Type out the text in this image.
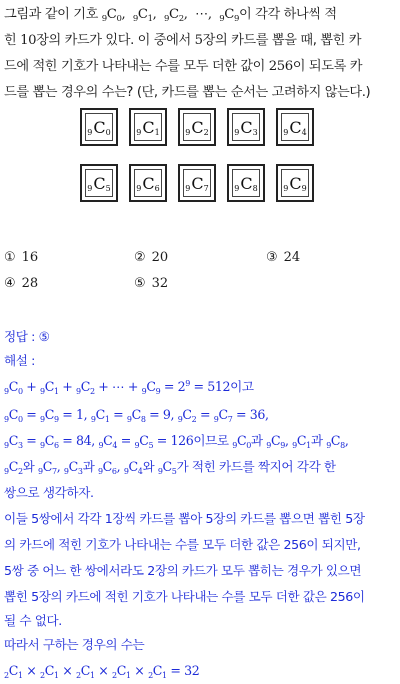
그림과 같이 기호 $_9C_0$,  $_9C_1$,  $_9C_2$,  ⋯,  $_9C_9$이 각각 하나씩 적
힌 10장의 카드가 있다. 이 중에서 5장의 카드를 뽑을 때, 뽑힌 카
드에 적힌 기호가 나타내는 수를 모두 더한 값이 256이 되도록 카
드를 뽑는 경우의 수는? (단, 카드를 뽑는 순서는 고려하지 않는다.)
9 C 0	9 C 1	9 C 2	9 C 3	9 C 4
9 C 5	9 C 6	9 C 7	9 C 8	9 C 9
① 16	② 20	③ 24
④ 28	⑤ 32
정답 : ⑤
해설 :
$_9C_0 + _9C_1 + _9C_2$ + ⋯ + $_9C_9 = 2^9 = 512$이고
$_9C_0 = _9C_9 = 1$, $_9C_1 = _9C_8 = 9$, $_9C_2 = _9C_7 = 36$,
$_9C_3 = _9C_6 = 84$, $_9C_4 = _9C_5 = 126$이므로 $_9C_0$과 $_9C_9$, $_9C_1$과 $_9C_8$,
$_9C_2$와 $_9C_7$, $_9C_3$과 $_9C_6$, $_9C_4$와 $_9C_5$가 적힌 카드를 짝지어 각각 한
쌍으로 생각하자.
이들 5쌍에서 각각 1장씩 카드를 뽑아 5장의 카드를 뽑으면 뽑힌 5장
의 카드에 적힌 기호가 나타내는 수를 모두 더한 값은 256이 되지만,
5쌍 중 어느 한 쌍에서라도 2장의 카드가 모두 뽑히는 경우가 있으면
뽑힌 5장의 카드에 적힌 기호가 나타내는 수를 모두 더한 값은 256이
될 수 없다.
따라서 구하는 경우의 수는
$_2C_1 \times _2C_1 \times _2C_1 \times _2C_1 \times _2C_1 = 32$
